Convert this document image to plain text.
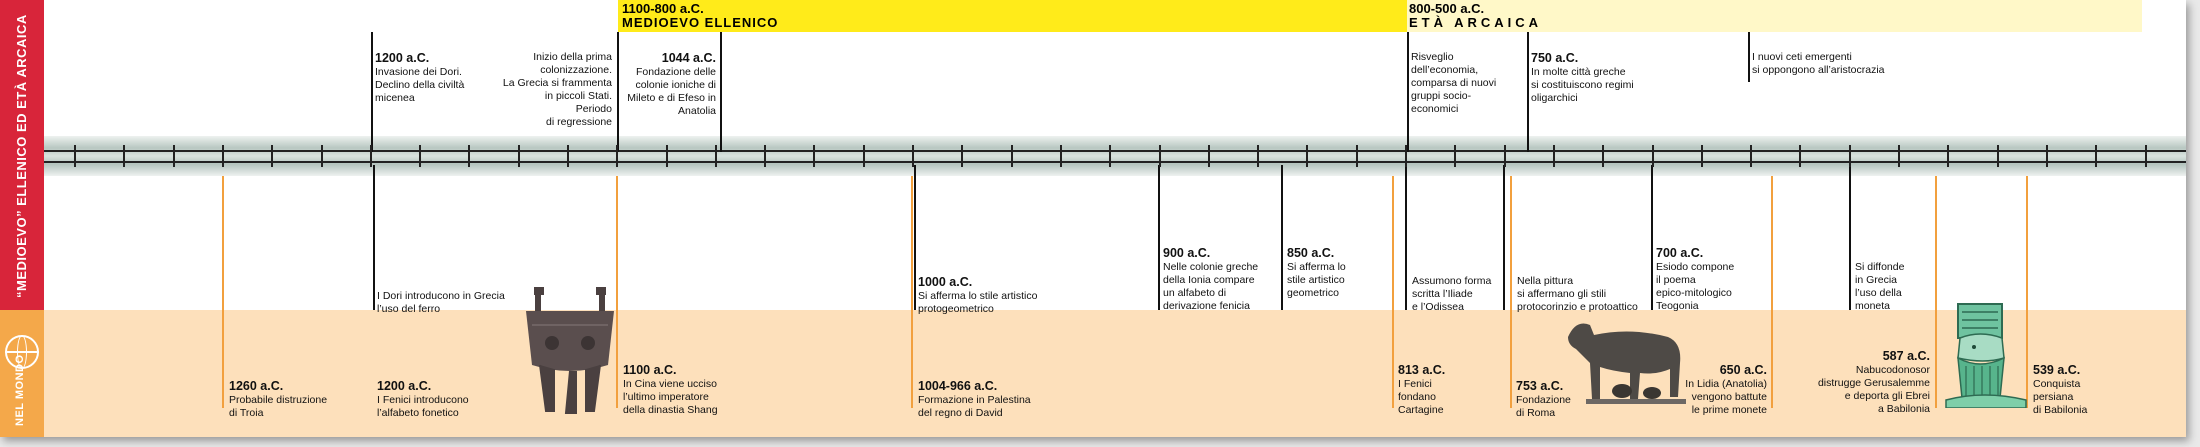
“MEDIOEVO” ELLENICO ED ETÀ ARCAICA
NEL MONDO
1100-800 a.C.
MEDIOEVO ELLENICO
800-500 a.C.
ETÀ ARCAICA

1200 a.C.
Invasione dei Dori.
Declino della civiltà
micenea

Inizio della prima
colonizzazione.
La Grecia si frammenta
in piccoli Stati.
Periodo
di regressione

1044 a.C.
Fondazione delle
colonie ioniche di
Mileto e di Efeso in
Anatolia

Risveglio
dell’economia,
comparsa di nuovi
gruppi socio-
economici

750 a.C.
In molte città greche
si costituiscono regimi
oligarchici

I nuovi ceti emergenti
si oppongono all’aristocrazia

I Dori introducono in Grecia
l’uso del ferro

1000 a.C.
Si afferma lo stile artistico
protogeometrico

900 a.C.
Nelle colonie greche
della Ionia compare
un alfabeto di
derivazione fenicia

850 a.C.
Si afferma lo
stile artistico
geometrico

Assumono forma
scritta l’Iliade
e l’Odissea

Nella pittura
si affermano gli stili
protocorinzio e protoattico

700 a.C.
Esiodo compone
il poema
epico-mitologico
Teogonia

Si diffonde
in Grecia
l’uso della
moneta

1260 a.C.
Probabile distruzione
di Troia

1200 a.C.
I Fenici introducono
l’alfabeto fonetico

1100 a.C.
In Cina viene ucciso
l’ultimo imperatore
della dinastia Shang

1004-966 a.C.
Formazione in Palestina
del regno di David

813 a.C.
I Fenici
fondano
Cartagine

753 a.C.
Fondazione
di Roma

650 a.C.
In Lidia (Anatolia)
vengono battute
le prime monete

587 a.C.
Nabucodonosor
distrugge Gerusalemme
e deporta gli Ebrei
a Babilonia

539 a.C.
Conquista
persiana
di Babilonia
